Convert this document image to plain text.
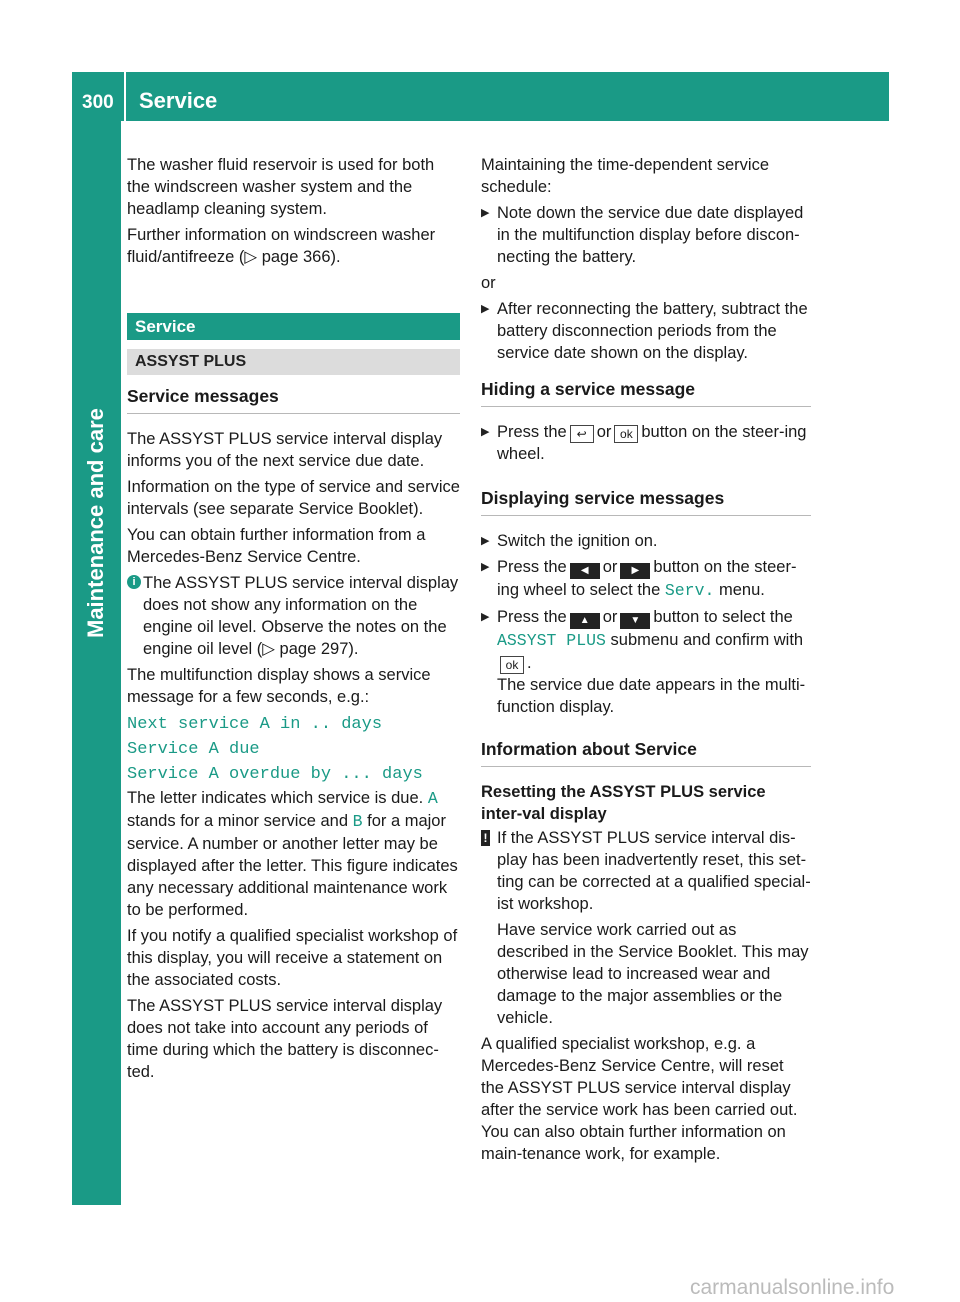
300 Service
Maintenance and care

The washer fluid reservoir is used for both the windscreen washer system and the headlamp cleaning system.

Further information on windscreen washer fluid/antifreeze (▷ page 366).

Service
ASSYST PLUS
Service messages

The ASSYST PLUS service interval display informs you of the next service due date.

Information on the type of service and service intervals (see separate Service Booklet).

You can obtain further information from a Mercedes-Benz Service Centre.

i The ASSYST PLUS service interval display does not show any information on the engine oil level. Observe the notes on the engine oil level (▷ page 297).

The multifunction display shows a service message for a few seconds, e.g.:

Next service A in .. days
Service A due
Service A overdue by ... days

The letter indicates which service is due. A stands for a minor service and B for a major service. A number or another letter may be displayed after the letter. This figure indicates any necessary additional maintenance work to be performed.

If you notify a qualified specialist workshop of this display, you will receive a statement on the associated costs.

The ASSYST PLUS service interval display does not take into account any periods of time during which the battery is disconnec-ted.

Maintaining the time-dependent service schedule:

▶ Note down the service due date displayed in the multifunction display before discon-necting the battery.

or

▶ After reconnecting the battery, subtract the battery disconnection periods from the service date shown on the display.
Hiding a service message
▶ Press the ↩ or ok button on the steer-ing wheel.
Displaying service messages
▶ Switch the ignition on.
▶ Press the ◀ or ▶ button on the steer-ing wheel to select the Serv. menu.
▶ Press the ▲ or ▼ button to select the ASSYST PLUS submenu and confirm with ok .
The service due date appears in the multi-function display.
Information about Service
Resetting the ASSYST PLUS service inter-val display
! If the ASSYST PLUS service interval dis-play has been inadvertently reset, this set-ting can be corrected at a qualified special-ist workshop.
Have service work carried out as described in the Service Booklet. This may otherwise lead to increased wear and damage to the major assemblies or the vehicle.

A qualified specialist workshop, e.g. a Mercedes-Benz Service Centre, will reset the ASSYST PLUS service interval display after the service work has been carried out. You can also obtain further information on main-tenance work, for example.

carmanualsonline.info
